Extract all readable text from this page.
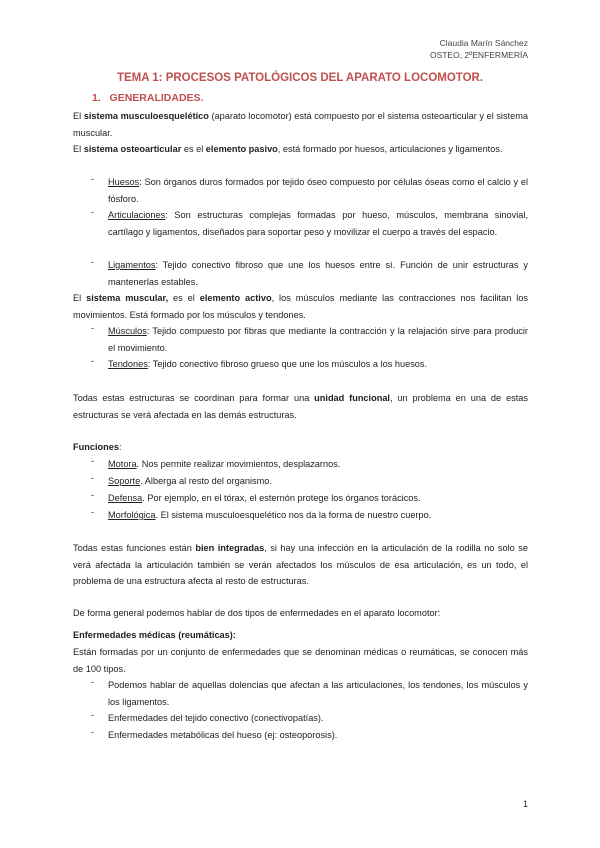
Claudia Marín Sánchez
OSTEO, 2ºENFERMERÍA
TEMA 1: PROCESOS PATOLÓGICOS DEL APARATO LOCOMOTOR.
1. GENERALIDADES.
El sistema musculoesquelético (aparato locomotor) está compuesto por el sistema osteoarticular y el sistema muscular.
El sistema osteoarticular es el elemento pasivo, está formado por huesos, articulaciones y ligamentos.
- Huesos: Son órganos duros formados por tejido óseo compuesto por células óseas como el calcio y el fósforo.
- Articulaciones: Son estructuras complejas formadas por hueso, músculos, membrana sinovial, cartílago y ligamentos, diseñados para soportar peso y movilizar el cuerpo a través del espacio.
- Ligamentos: Tejido conectivo fibroso que une los huesos entre sí. Función de unir estructuras y mantenerlas estables.
El sistema muscular, es el elemento activo, los músculos mediante las contracciones nos facilitan los movimientos. Está formado por los músculos y tendones.
- Músculos: Tejido compuesto por fibras que mediante la contracción y la relajación sirve para producir el movimiento.
- Tendones: Tejido conectivo fibroso grueso que une los músculos a los huesos.
Todas estas estructuras se coordinan para formar una unidad funcional, un problema en una de estas estructuras se verá afectada en las demás estructuras.
Funciones:
- Motora. Nos permite realizar movimientos, desplazarnos.
- Soporte. Alberga al resto del organismo.
- Defensa. Por ejemplo, en el tórax, el esternón protege los órganos torácicos.
- Morfológica. El sistema musculoesquelético nos da la forma de nuestro cuerpo.
Todas estas funciones están bien integradas, si hay una infección en la articulación de la rodilla no solo se verá afectada la articulación también se verán afectados los músculos de esa articulación, es un todo, el problema de una estructura afecta al resto de estructuras.
De forma general podemos hablar de dos tipos de enfermedades en el aparato locomotor:
Enfermedades médicas (reumáticas):
Están formadas por un conjunto de enfermedades que se denominan médicas o reumáticas, se conocen más de 100 tipos.
- Podemos hablar de aquellas dolencias que afectan a las articulaciones, los tendones, los músculos y los ligamentos.
- Enfermedades del tejido conectivo (conectivopatías).
- Enfermedades metabólicas del hueso (ej: osteoporosis).
1
